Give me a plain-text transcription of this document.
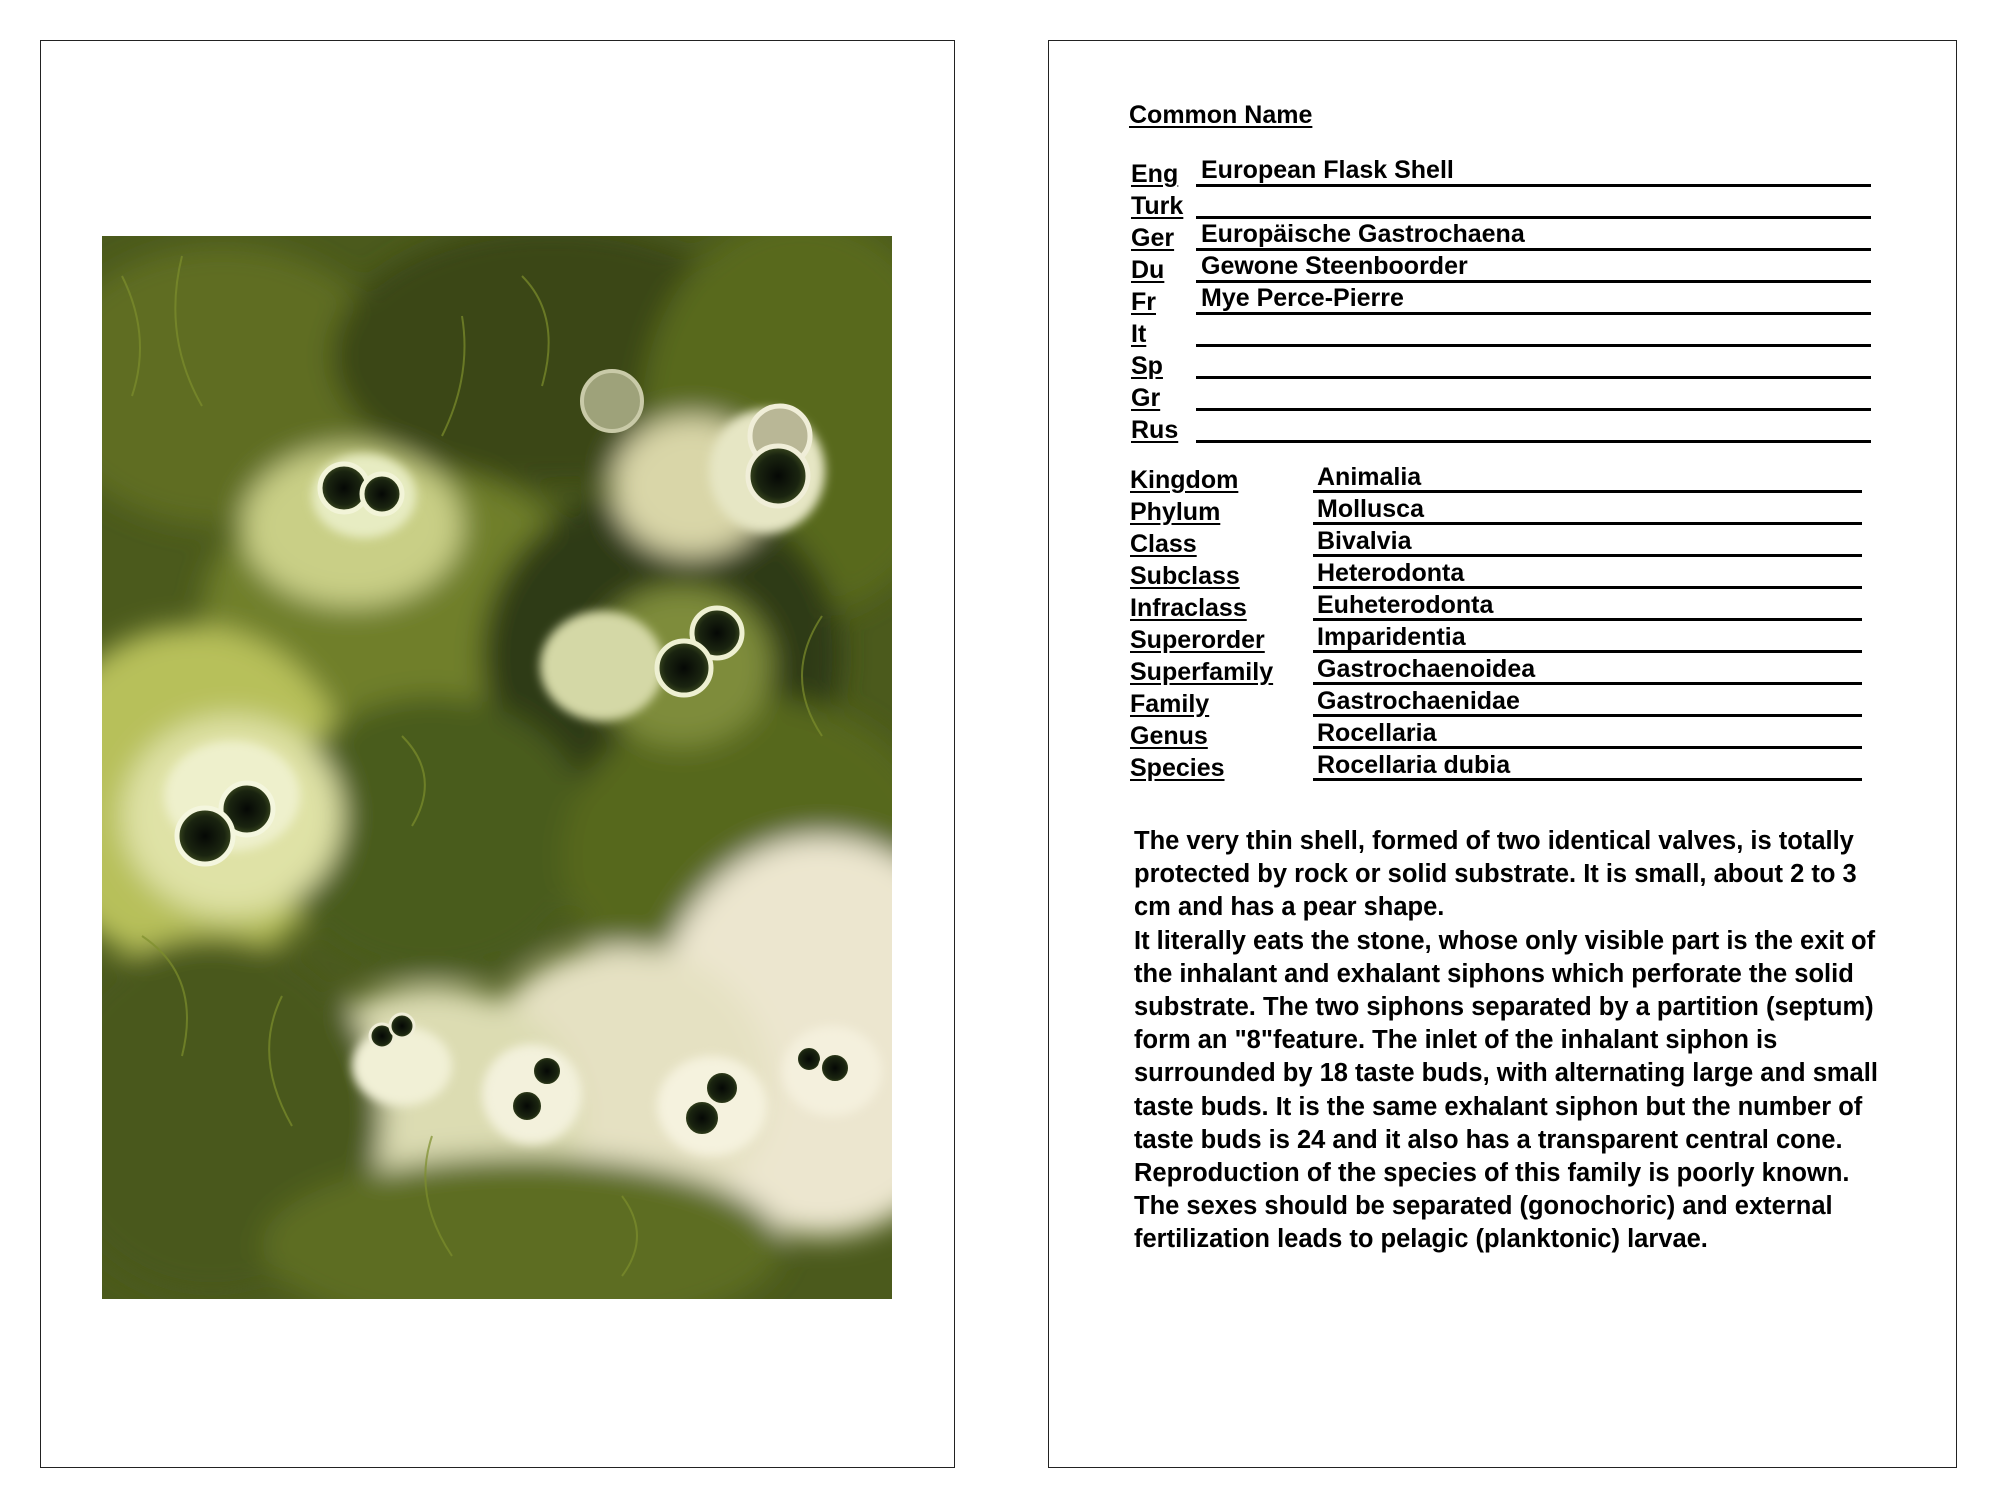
Common Name
Eng European Flask Shell
Turk
Ger Europäische Gastrochaena
Du Gewone Steenboorder
Fr Mye Perce-Pierre
It
Sp
Gr
Rus
Kingdom	Animalia
Phylum	Mollusca
Class	Bivalvia
Subclass	Heterodonta
Infraclass	Euheterodonta
Superorder Imparidentia
Superfamily Gastrochaenoidea
Family	Gastrochaenidae
Genus	Rocellaria
Species	Rocellaria dubia

The very thin shell, formed of two identical valves, is totally protected by rock or solid substrate. It is small, about 2 to 3 cm and has a pear shape.
It literally eats the stone, whose only visible part is the exit of the inhalant and exhalant siphons which perforate the solid substrate. The two siphons separated by a partition (septum) form an "8"feature. The inlet of the inhalant siphon is surrounded by 18 taste buds, with alternating large and small taste buds. It is the same exhalant siphon but the number of taste buds is 24 and it also has a transparent central cone. Reproduction of the species of this family is poorly known. The sexes should be separated (gonochoric) and external fertilization leads to pelagic (planktonic) larvae.
